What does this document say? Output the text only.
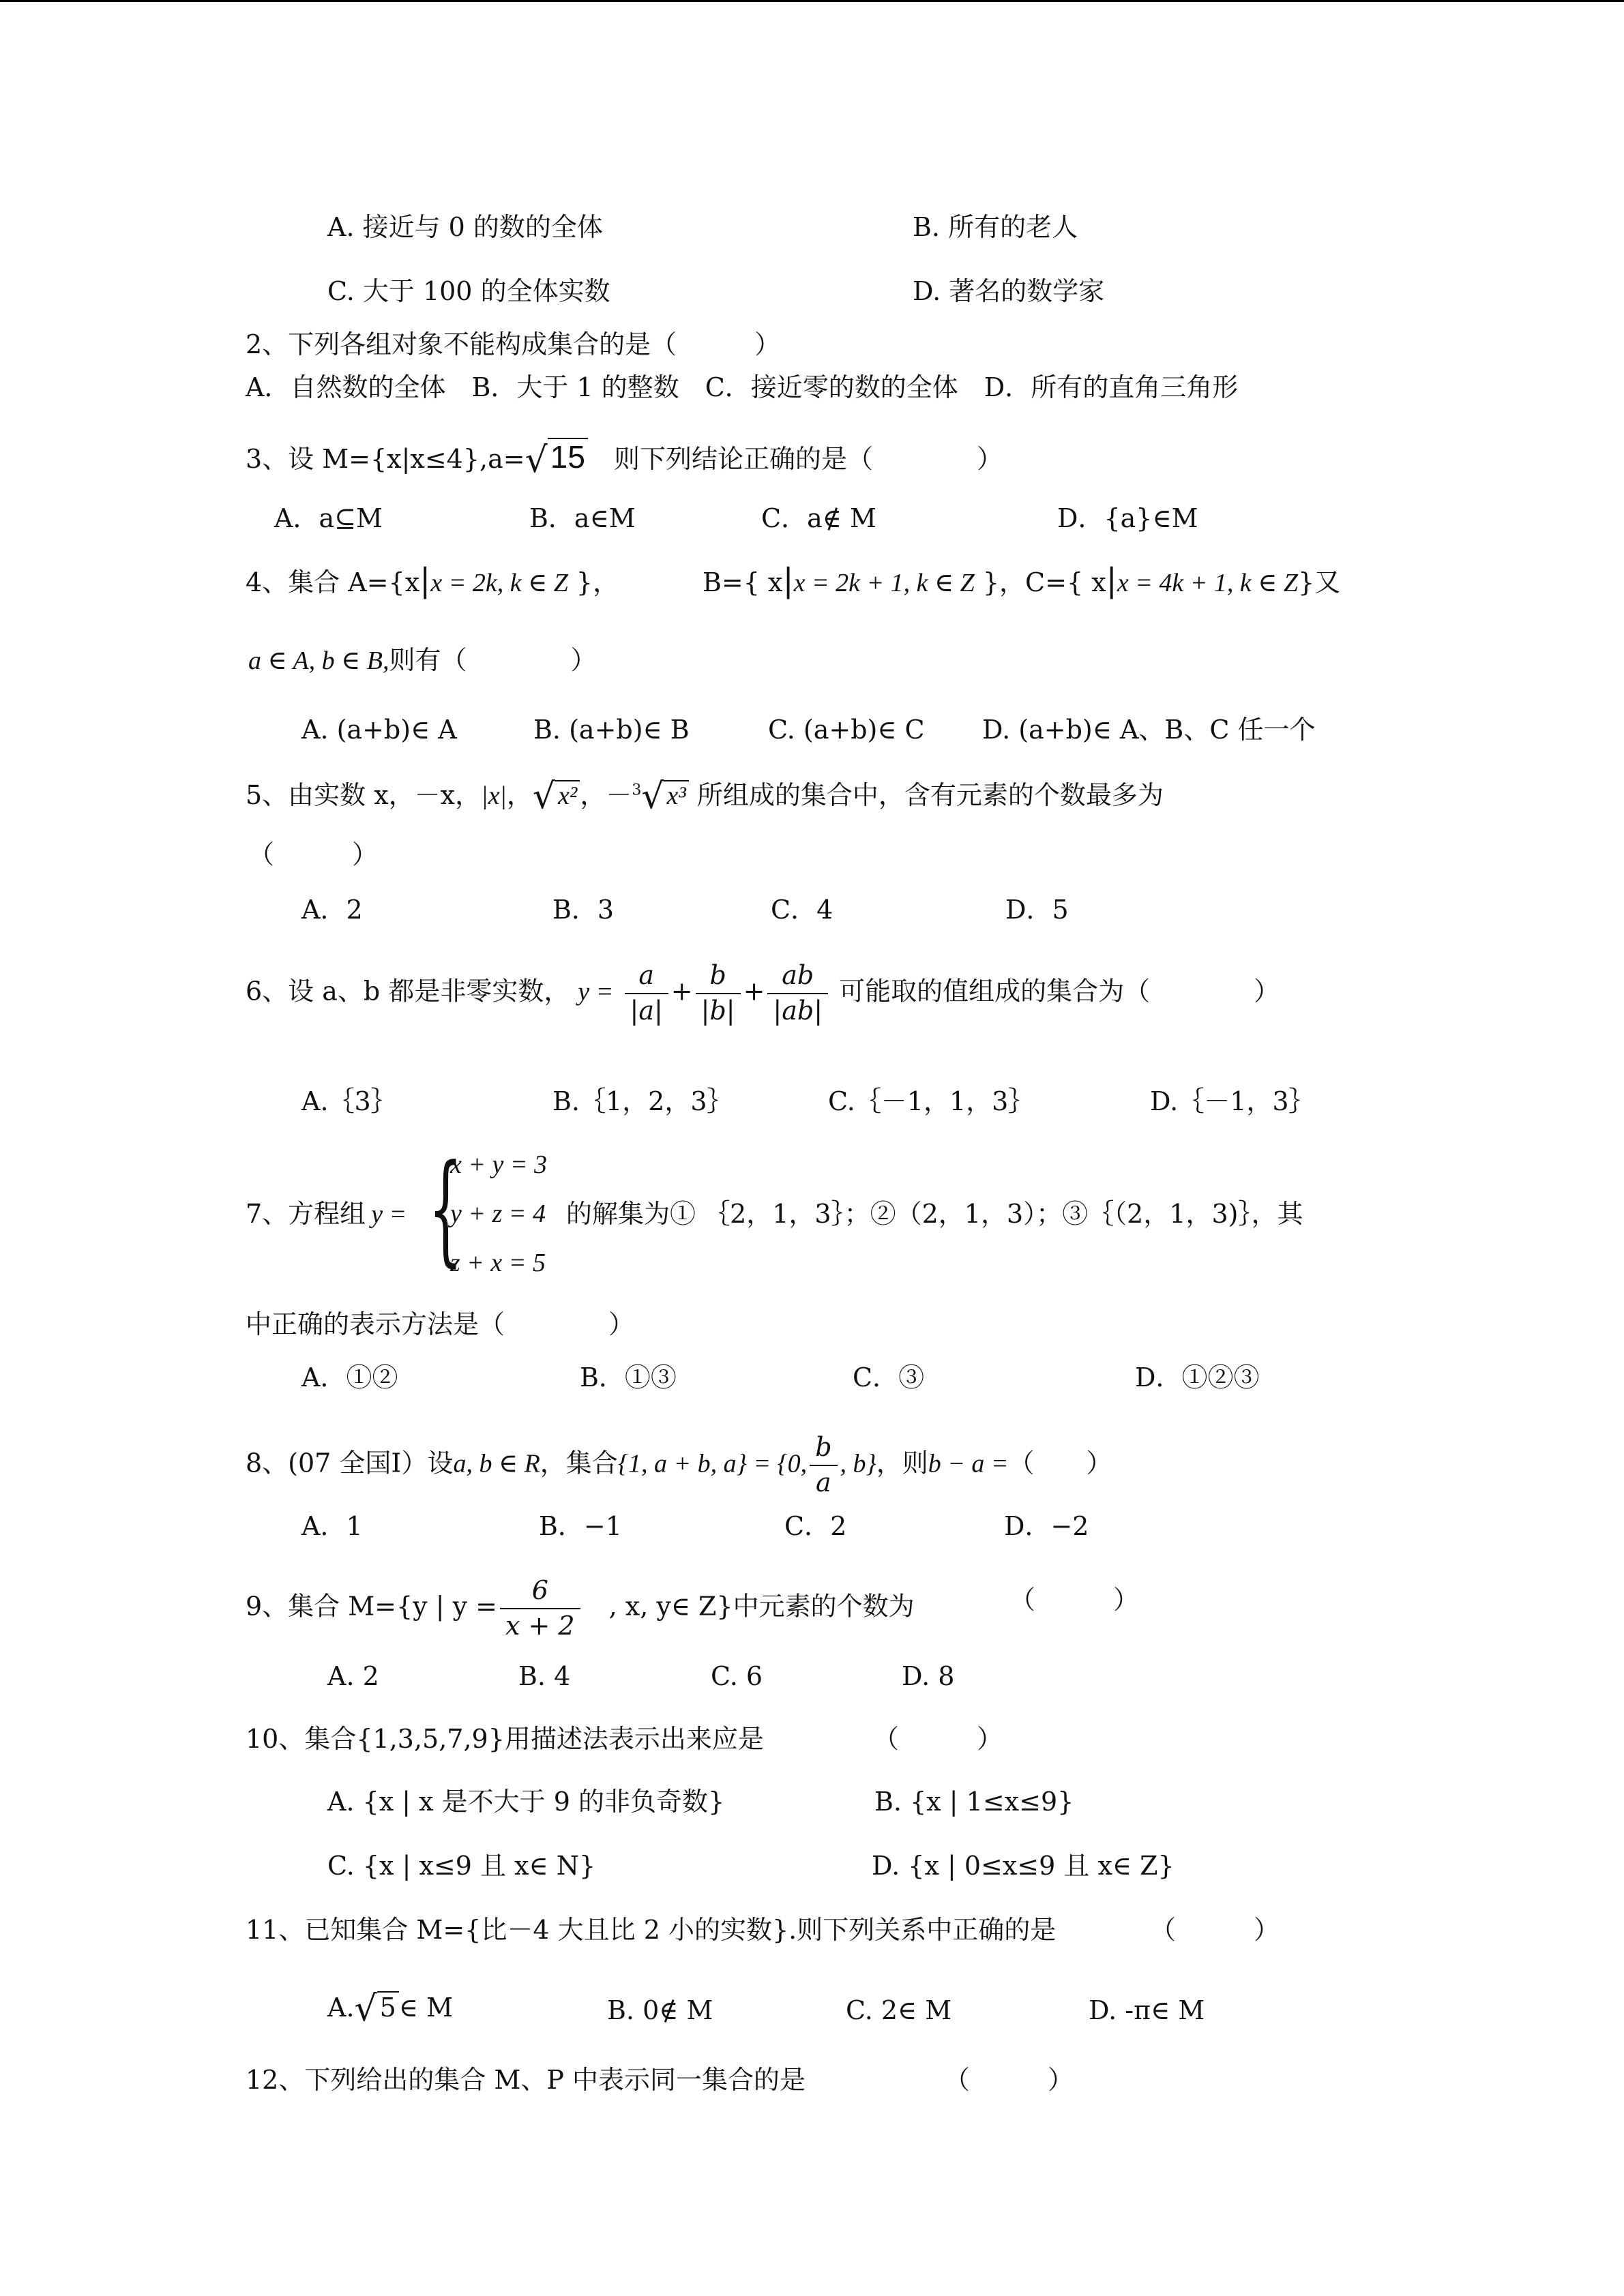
A. 接近与 0 的数的全体	B. 所有的老人
C. 大于 100 的全体实数	D. 著名的数学家
2、下列各组对象不能构成集合的是（　　　）
A．自然数的全体　B．大于 1 的整数　C．接近零的数的全体　D．所有的直角三角形
3、设 M={x|x≤4},a=√15　则下列结论正确的是（　　　　）
A．a⊆M	B．a∈M	C．a∉ M	D．{a}∈M
4、集合 A={x|x = 2k, k ∈ Z }，	B={ x|x = 2k + 1, k ∈ Z }，C={ x|x = 4k + 1, k ∈ Z}又
a ∈ A, b ∈ B,则有（　　　　）
A. (a+b)∈ A	B. (a+b)∈ B	C. (a+b)∈ C D. (a+b)∈ A、B、C 任一个
5、由实数 x，－x，|x|，√ x² ，－$^3$√ x³ 所组成的集合中，含有元素的个数最多为
（　　　）
A．2	B．3	C．4	D．5
6、设 a、b 都是非零实数， $y = \frac{a}{|a|} + \frac{b}{|b|} + \frac{ab}{|ab|}$ 可能取的值组成的集合为（　　　　）
A.｛3｝	B.｛1，2，3｝	C.｛－1，1，3｝	D.｛－1，3｝
7、方程组 y = {
x + y = 3
y + z = 4
z + x = 5
的解集为① ｛2，1，3｝；②（2，1，3）；③｛（2，1，3)｝，其
中正确的表示方法是（　　　　）
A．①②	B．①③	C．③	D．①②③
8、(07 全国Ⅰ）设a, b ∈ R，集合{1, a + b, a} = {0, $\frac{b}{a}$ , b}，则b − a =（　　）
A．1	B．−1	C．2	D．−2
9、集合 M={y | $y = \frac{6}{x + 2}$ 　, x, y∈ Z}中元素的个数为	（　　　）
A. 2	B. 4	C. 6	D. 8
10、集合{1,3,5,7,9}用描述法表示出来应是	（　　　）
A. {x | x 是不大于 9 的非负奇数}	B. {x | 1≤x≤9}
C. {x | x≤9 且 x∈ N}	D. {x | 0≤x≤9 且 x∈ Z}
11、已知集合 M={比－4 大且比 2 小的实数}.则下列关系中正确的是	（　　　）
A.√ 5 ∈ M	B. 0∉ M	C. 2∈ M	D. -π∈ M
12、下列给出的集合 M、P 中表示同一集合的是	（　　　）
